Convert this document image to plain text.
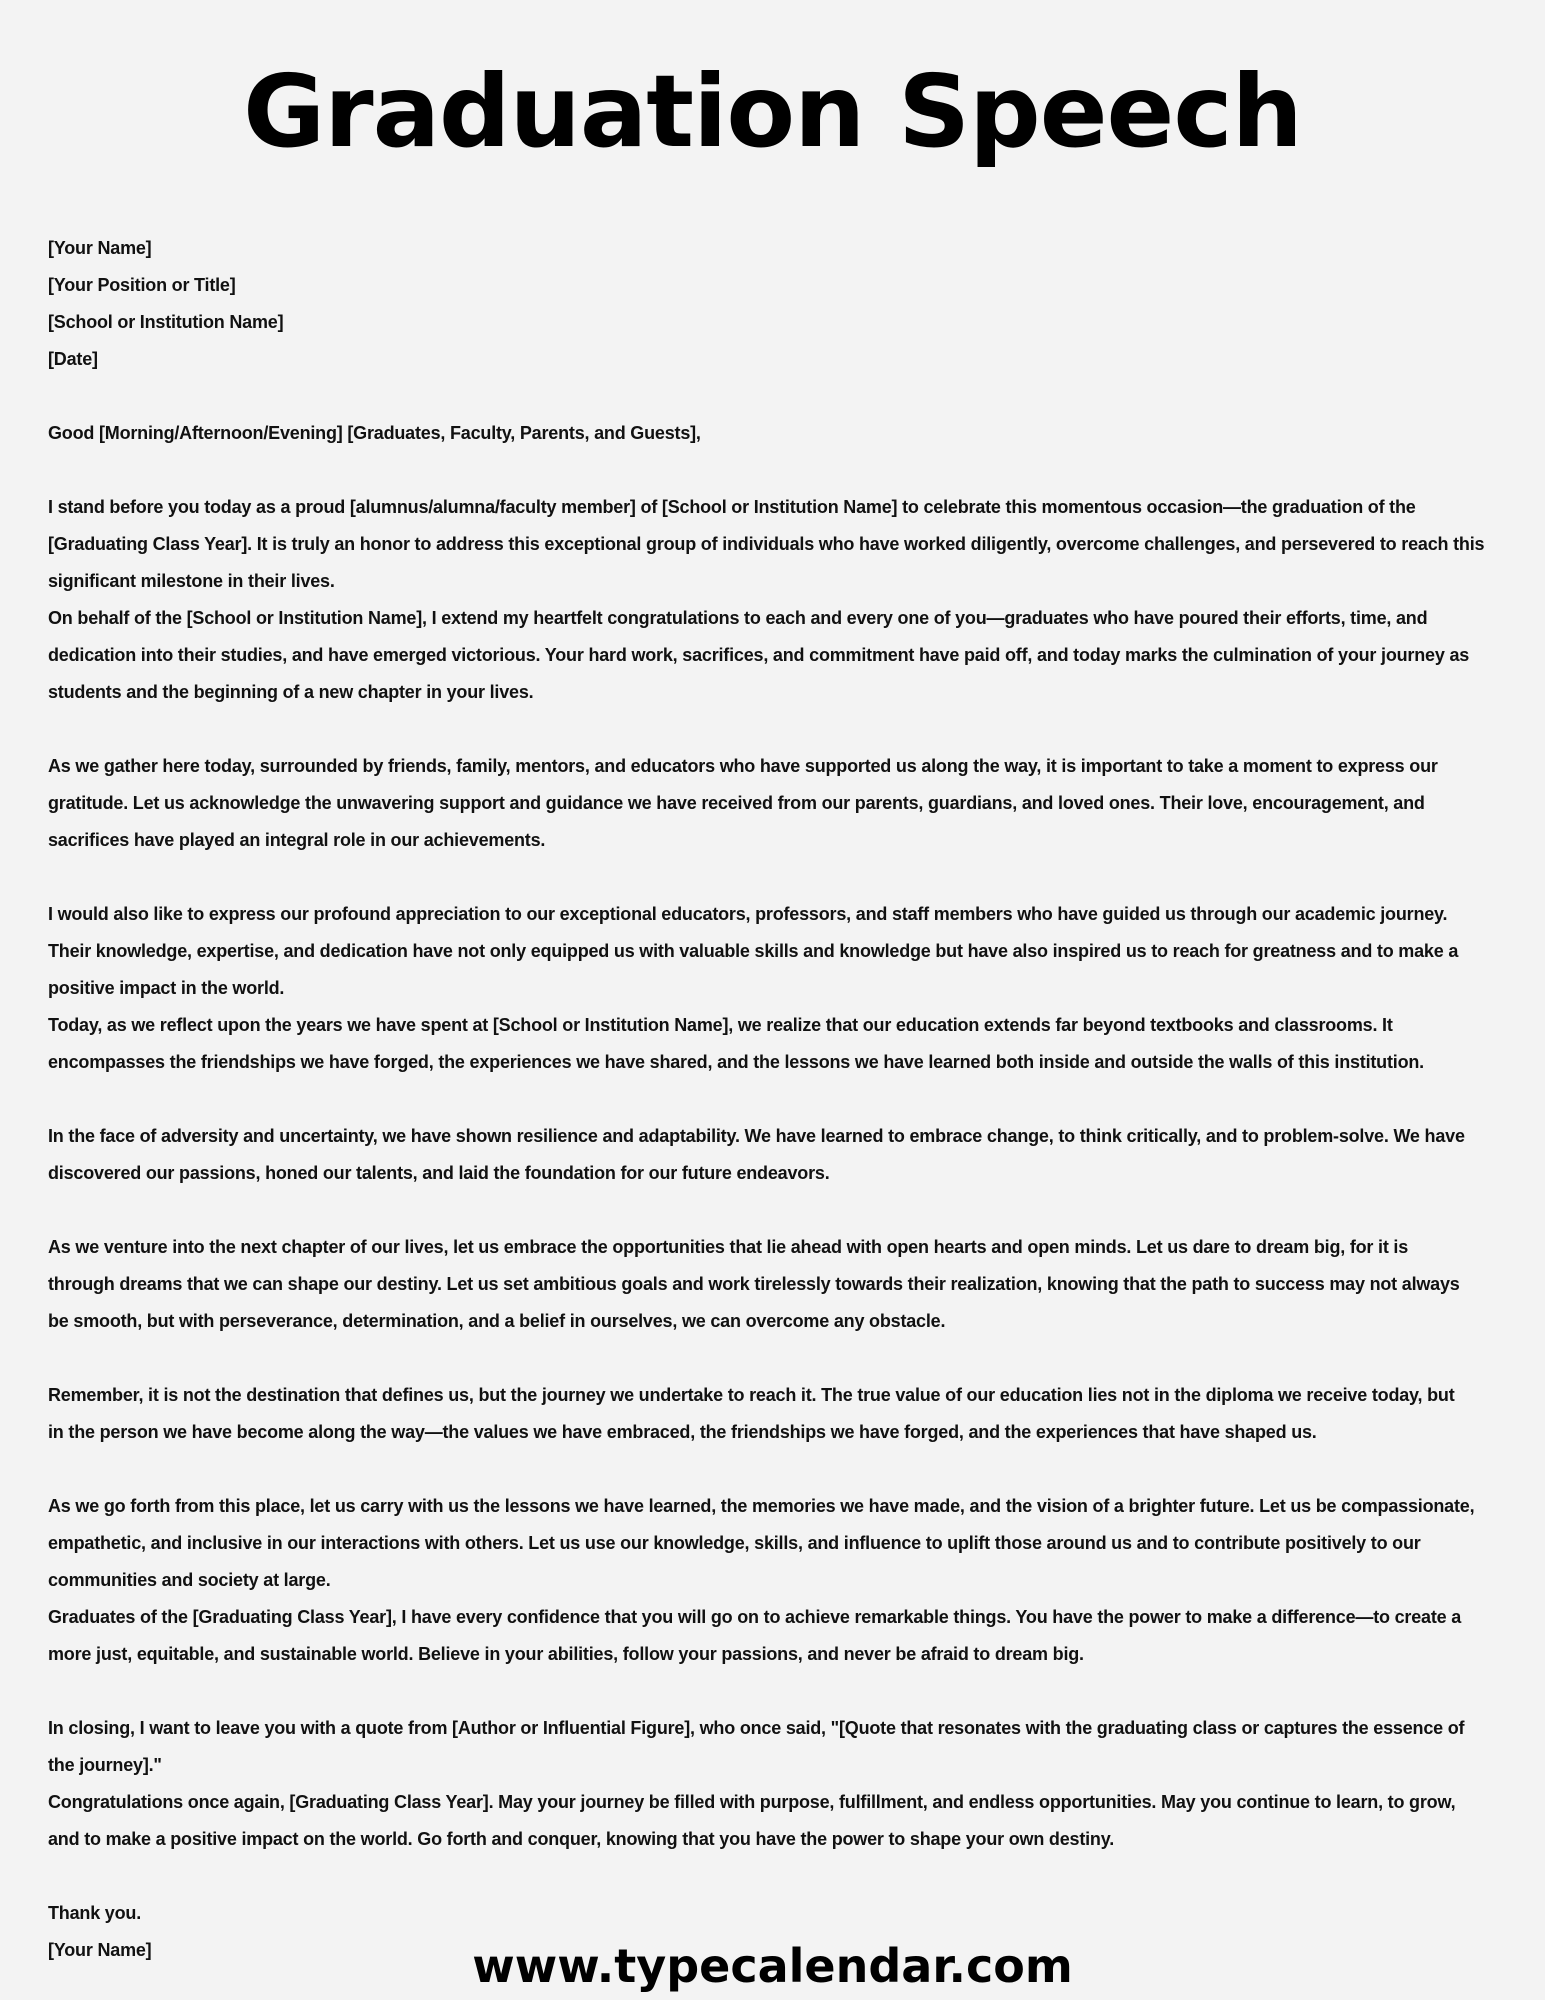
Graduation Speech
[Your Name]
[Your Position or Title]
[School or Institution Name]
[Date]
Good [Morning/Afternoon/Evening] [Graduates, Faculty, Parents, and Guests],
I stand before you today as a proud [alumnus/alumna/faculty member] of [School or Institution Name] to celebrate this momentous occasion—the graduation of the
[Graduating Class Year]. It is truly an honor to address this exceptional group of individuals who have worked diligently, overcome challenges, and persevered to reach this
significant milestone in their lives.
On behalf of the [School or Institution Name], I extend my heartfelt congratulations to each and every one of you—graduates who have poured their efforts, time, and
dedication into their studies, and have emerged victorious. Your hard work, sacrifices, and commitment have paid off, and today marks the culmination of your journey as
students and the beginning of a new chapter in your lives.
As we gather here today, surrounded by friends, family, mentors, and educators who have supported us along the way, it is important to take a moment to express our
gratitude. Let us acknowledge the unwavering support and guidance we have received from our parents, guardians, and loved ones. Their love, encouragement, and
sacrifices have played an integral role in our achievements.
I would also like to express our profound appreciation to our exceptional educators, professors, and staff members who have guided us through our academic journey.
Their knowledge, expertise, and dedication have not only equipped us with valuable skills and knowledge but have also inspired us to reach for greatness and to make a
positive impact in the world.
Today, as we reflect upon the years we have spent at [School or Institution Name], we realize that our education extends far beyond textbooks and classrooms. It
encompasses the friendships we have forged, the experiences we have shared, and the lessons we have learned both inside and outside the walls of this institution.
In the face of adversity and uncertainty, we have shown resilience and adaptability. We have learned to embrace change, to think critically, and to problem-solve. We have
discovered our passions, honed our talents, and laid the foundation for our future endeavors.
As we venture into the next chapter of our lives, let us embrace the opportunities that lie ahead with open hearts and open minds. Let us dare to dream big, for it is
through dreams that we can shape our destiny. Let us set ambitious goals and work tirelessly towards their realization, knowing that the path to success may not always
be smooth, but with perseverance, determination, and a belief in ourselves, we can overcome any obstacle.
Remember, it is not the destination that defines us, but the journey we undertake to reach it. The true value of our education lies not in the diploma we receive today, but
in the person we have become along the way—the values we have embraced, the friendships we have forged, and the experiences that have shaped us.
As we go forth from this place, let us carry with us the lessons we have learned, the memories we have made, and the vision of a brighter future. Let us be compassionate,
empathetic, and inclusive in our interactions with others. Let us use our knowledge, skills, and influence to uplift those around us and to contribute positively to our
communities and society at large.
Graduates of the [Graduating Class Year], I have every confidence that you will go on to achieve remarkable things. You have the power to make a difference—to create a
more just, equitable, and sustainable world. Believe in your abilities, follow your passions, and never be afraid to dream big.
In closing, I want to leave you with a quote from [Author or Influential Figure], who once said, "[Quote that resonates with the graduating class or captures the essence of
the journey]."
Congratulations once again, [Graduating Class Year]. May your journey be filled with purpose, fulfillment, and endless opportunities. May you continue to learn, to grow,
and to make a positive impact on the world. Go forth and conquer, knowing that you have the power to shape your own destiny.
Thank you.
[Your Name]	www.typecalendar.com
